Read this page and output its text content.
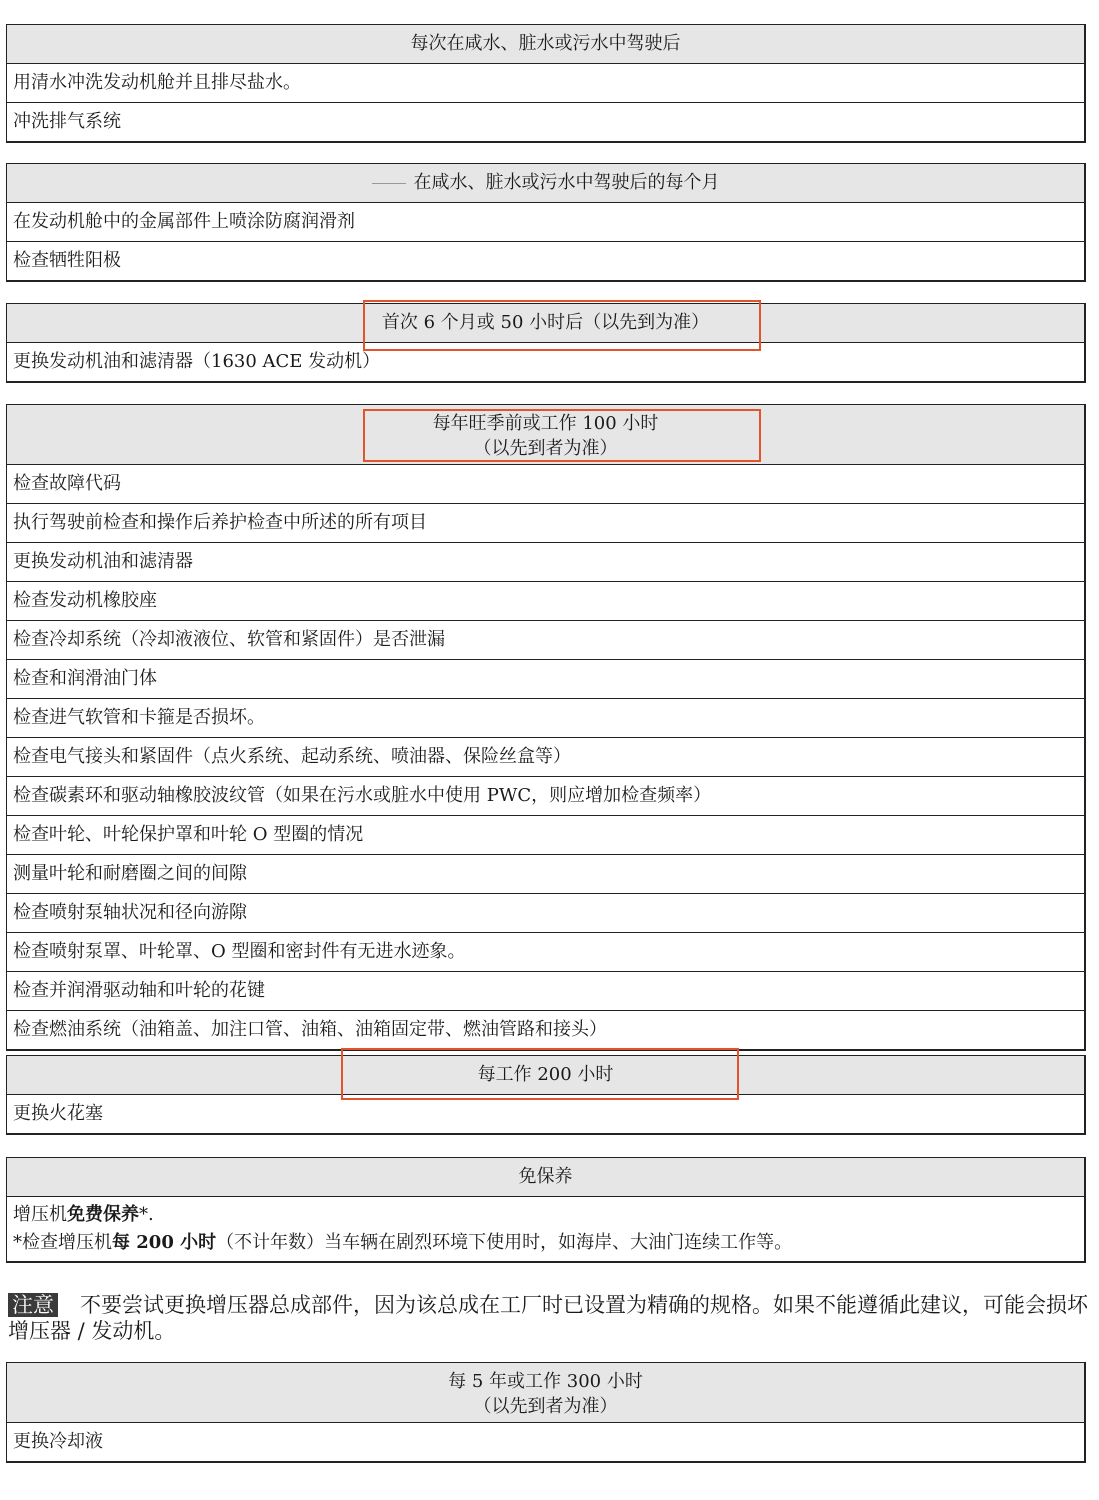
每次在咸水、脏水或污水中驾驶后
用清水冲洗发动机舱并且排尽盐水。
冲洗排气系统
在咸水、脏水或污水中驾驶后的每个月
在发动机舱中的金属部件上喷涂防腐润滑剂
检查牺牲阳极
首次 6 个月或 50 小时后（以先到为准）
更换发动机油和滤清器（1630 ACE 发动机）
每年旺季前或工作 100 小时
（以先到者为准）
检查故障代码
执行驾驶前检查和操作后养护检查中所述的所有项目
更换发动机油和滤清器
检查发动机橡胶座
检查冷却系统（冷却液液位、软管和紧固件）是否泄漏
检查和润滑油门体
检查进气软管和卡箍是否损坏。
检查电气接头和紧固件（点火系统、起动系统、喷油器、保险丝盒等）
检查碳素环和驱动轴橡胶波纹管（如果在污水或脏水中使用 PWC，则应增加检查频率）
检查叶轮、叶轮保护罩和叶轮 O 型圈的情况
测量叶轮和耐磨圈之间的间隙
检查喷射泵轴状况和径向游隙
检查喷射泵罩、叶轮罩、O 型圈和密封件有无进水迹象。
检查并润滑驱动轴和叶轮的花键
检查燃油系统（油箱盖、加注口管、油箱、油箱固定带、燃油管路和接头）
每工作 200 小时
更换火花塞
免保养
增压机免费保养*.
*检查增压机每 200 小时（不计年数）当车辆在剧烈环境下使用时，如海岸、大油门连续工作等。
注意 不要尝试更换增压器总成部件，因为该总成在工厂时已设置为精确的规格。如果不能遵循此建议，可能会损坏增压器 / 发动机。
每 5 年或工作 300 小时
（以先到者为准）
更换冷却液
